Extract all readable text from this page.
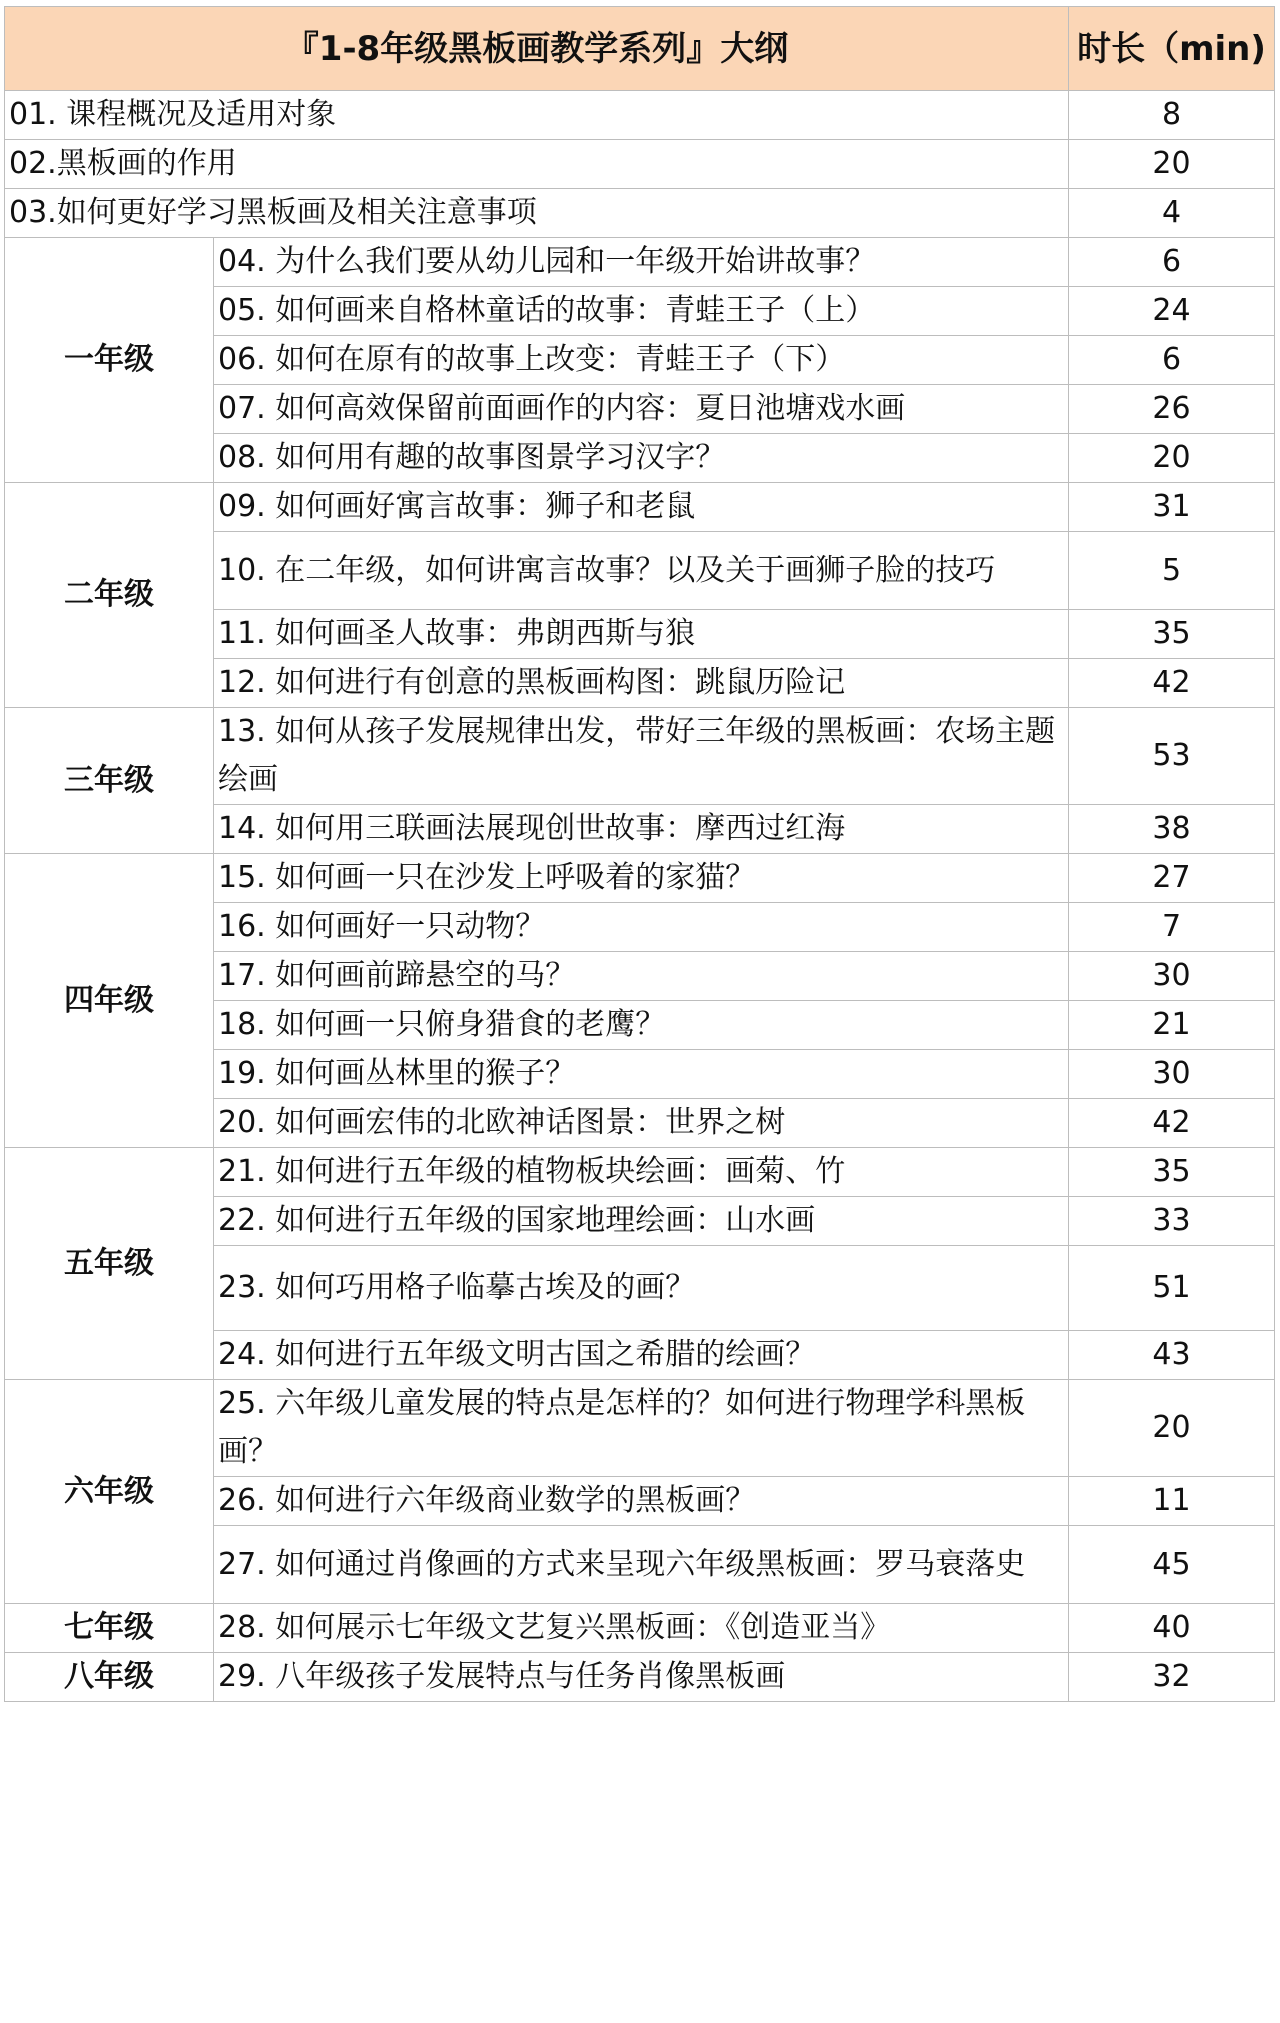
『1-8年级黑板画教学系列』大纲		时长（min)
01. 课程概况及适用对象		8
02.黑板画的作用		20
03.如何更好学习黑板画及相关注意事项		4
一年级	04. 为什么我们要从幼儿园和一年级开始讲故事？	6
	05. 如何画来自格林童话的故事：青蛙王子（上）	24
	06. 如何在原有的故事上改变：青蛙王子（下）	6
	07. 如何高效保留前面画作的内容：夏日池塘戏水画	26
	08. 如何用有趣的故事图景学习汉字？	20
二年级	09. 如何画好寓言故事：狮子和老鼠	31
	10. 在二年级，如何讲寓言故事？以及关于画狮子脸的技巧	5
	11. 如何画圣人故事：弗朗西斯与狼	35
	12. 如何进行有创意的黑板画构图：跳鼠历险记	42
三年级	13. 如何从孩子发展规律出发，带好三年级的黑板画：农场主题绘画	53
	14. 如何用三联画法展现创世故事：摩西过红海	38
四年级	15. 如何画一只在沙发上呼吸着的家猫？	27
	16. 如何画好一只动物？	7
	17. 如何画前蹄悬空的马？	30
	18. 如何画一只俯身猎食的老鹰？	21
	19. 如何画丛林里的猴子？	30
	20. 如何画宏伟的北欧神话图景：世界之树	42
五年级	21. 如何进行五年级的植物板块绘画：画菊、竹	35
	22. 如何进行五年级的国家地理绘画：山水画	33
	23. 如何巧用格子临摹古埃及的画？	51
	24. 如何进行五年级文明古国之希腊的绘画？	43
六年级	25. 六年级儿童发展的特点是怎样的？如何进行物理学科黑板画？	20
	26. 如何进行六年级商业数学的黑板画？	11
	27. 如何通过肖像画的方式来呈现六年级黑板画：罗马衰落史	45
七年级	28. 如何展示七年级文艺复兴黑板画：《创造亚当》	40
八年级	29. 八年级孩子发展特点与任务肖像黑板画	32
